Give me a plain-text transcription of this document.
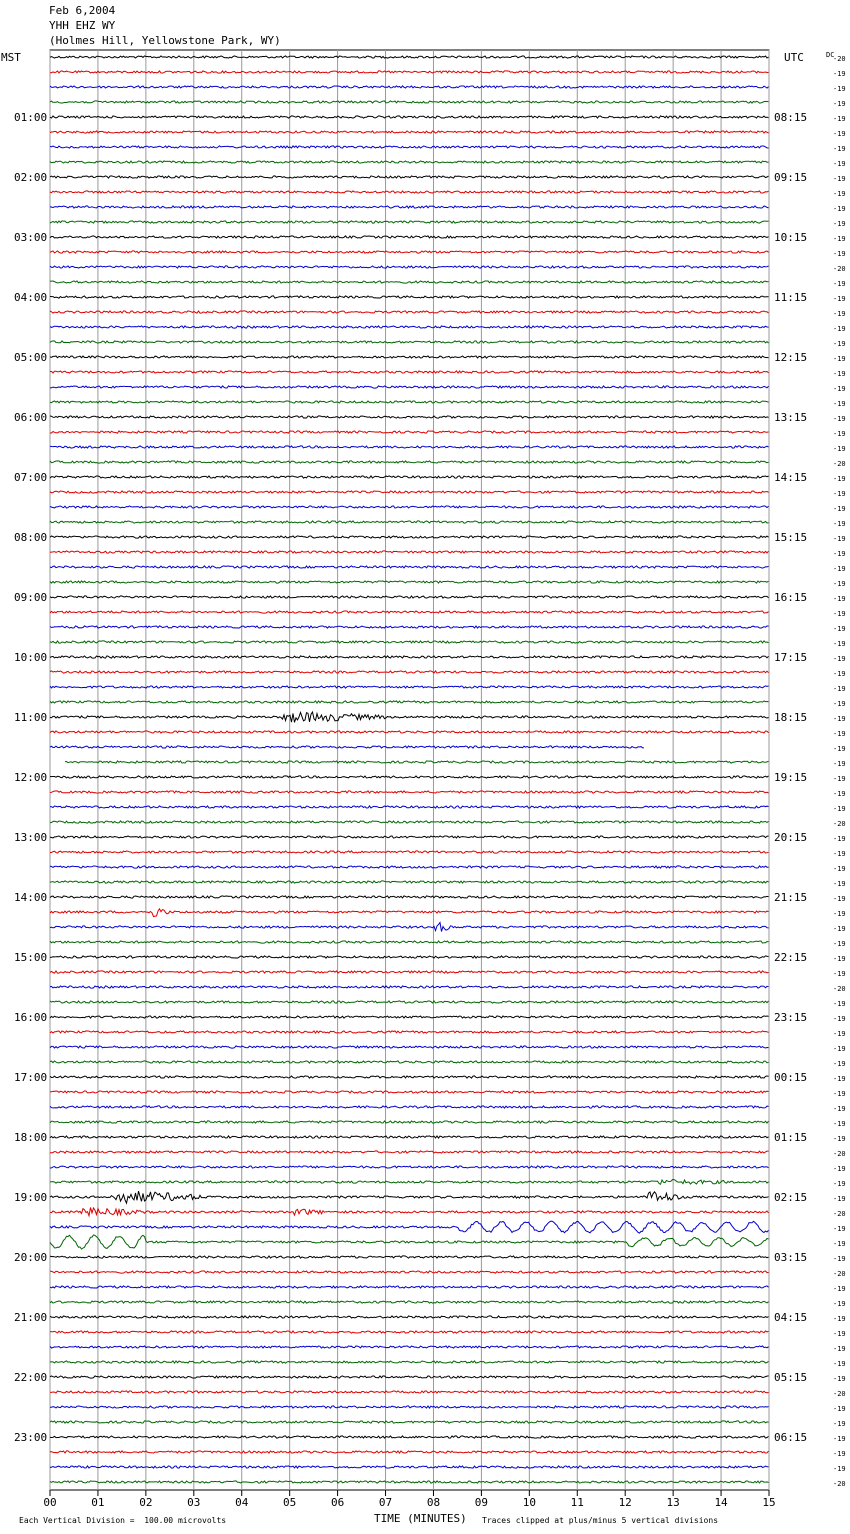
Feb 6,2004
YHH EHZ WY
(Holmes Hill, Yellowstone Park, WY)
00	01	02	03	04	05	06	07	08	09	10	11	12	13	14	15
MST	UTC	DC
01:00
02:00
03:00
04:00
05:00
06:00
07:00
08:00
09:00
10:00
11:00
12:00
13:00
14:00
15:00
16:00
17:00
18:00
19:00
20:00
21:00
22:00
23:00
08:15
09:15
10:15
11:15
12:15
13:15
14:15
15:15
16:15
17:15
18:15
19:15
20:15
21:15
22:15
23:15
00:15
01:15
02:15
03:15
04:15
05:15
06:15
-20
-19
-19
-19
-19
-19
-19
-19
-19
-19
-19
-19
-19
-19
-20
-19
-19
-19
-19
-19
-19
-19
-19
-19
-19
-19
-19
-20
-19
-19
-19
-19
-19
-19
-19
-19
-19
-19
-19
-19
-19
-19
-19
-19
-19
-19
-19
-19
-19
-19
-19
-20
-19
-19
-19
-19
-19
-19
-19
-19
-19
-19
-20
-19
-19
-19
-19
-19
-19
-19
-19
-19
-19
-20
-19
-19
-19
-20
-19
-19
-19
-20
-19
-19
-19
-19
-19
-19
-19
-20
-19
-19
-19
-19
-19
-20
TIME (MINUTES)
Each Vertical Division =  100.00 microvolts	Traces clipped at plus/minus 5 vertical divisions
